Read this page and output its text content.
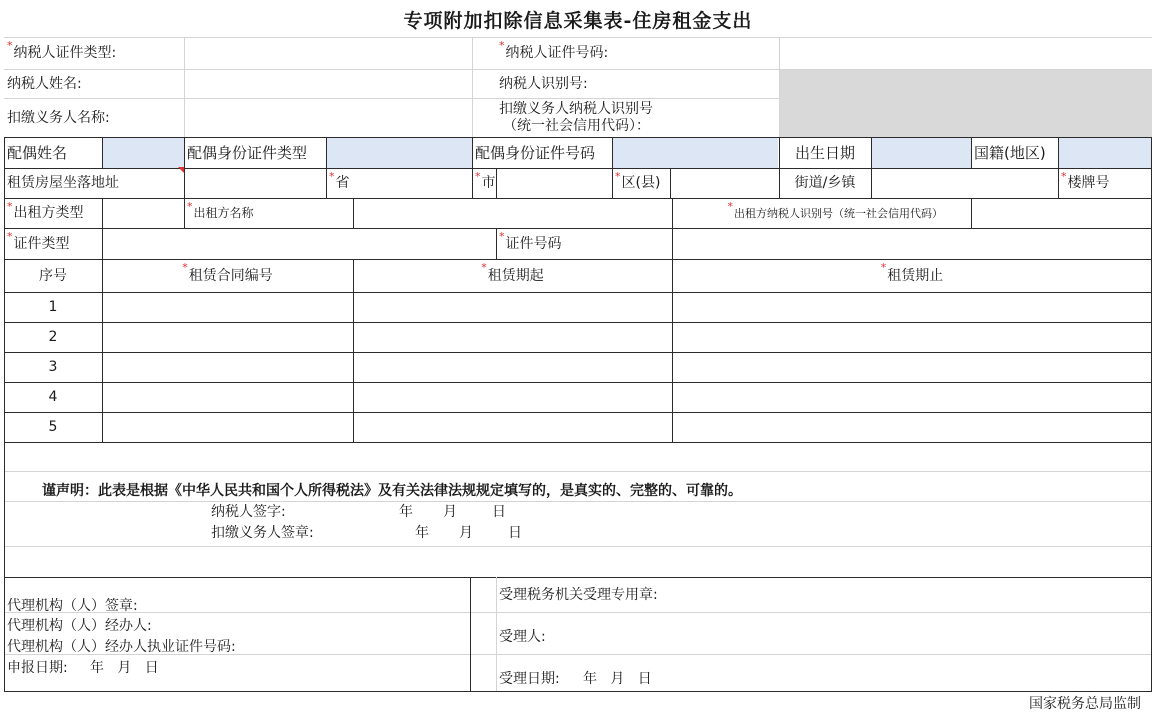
专项附加扣除信息采集表-住房租金支出
* 纳税人证件类型:	* 纳税人证件号码:
纳税人姓名:	纳税人识别号:
扣缴义务人名称:
扣缴义务人纳税人识别号
（统一社会信用代码）：
配偶姓名	配偶身份证件类型	配偶身份证件号码	出生日期	国籍(地区)
租赁房屋坐落地址	* 省	* 市	* 区(县)	街道/乡镇	* 楼牌号
* 出租方类型	* 出租方名称	* 出租方纳税人识别号（统一社会信用代码）
* 证件类型	* 证件号码
序号	* 租赁合同编号	* 租赁期起	* 租赁期止
1
2
3
4
5
谨声明：此表是根据《中华人民共和国个人所得税法》及有关法律法规规定填写的，是真实的、完整的、可靠的。
纳税人签字:	年 月	日
扣缴义务人签章:	年 月	日
代理机构（人）签章:
代理机构（人）经办人:
代理机构（人）经办人执业证件号码:
申报日期: 年   月   日
受理税务机关受理专用章:
受理人:
受理日期: 年   月   日
国家税务总局监制
